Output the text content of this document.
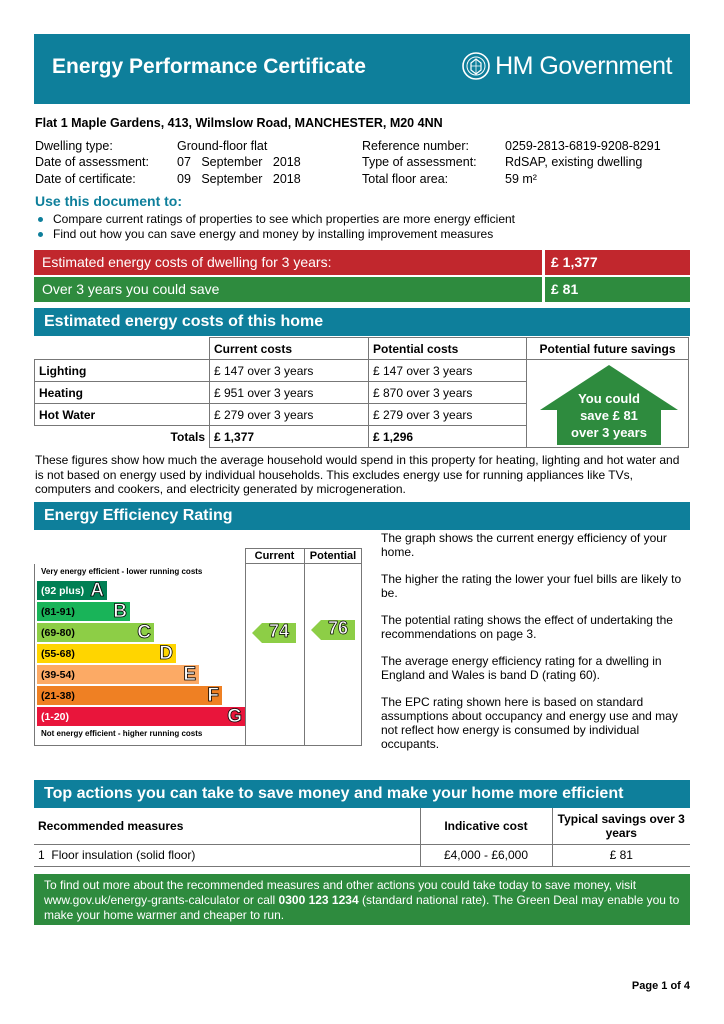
Energy Performance Certificate	HM Government
Flat 1 Maple Gardens, 413, Wilmslow Road, MANCHESTER, M20 4NN
Dwelling type:	Ground-floor flat
Date of assessment: 07   September   2018
Date of certificate:	09   September   2018
Reference number:	0259-2813-6819-9208-8291
Type of assessment: RdSAP, existing dwelling
Total floor area:	59 m²
Use this document to:
Compare current ratings of properties to see which properties are more energy efficient
Find out how you can save energy and money by installing improvement measures
Estimated energy costs of dwelling for 3 years:	£ 1,377
Over 3 years you could save	£ 81
Estimated energy costs of this home
	Current costs	Potential costs	Potential future savings
Lighting	£ 147 over 3 years	£ 147 over 3 years	
Heating	£ 951 over 3 years	£ 870 over 3 years	
Hot Water	£ 279 over 3 years	£ 279 over 3 years	
Totals	£ 1,377	£ 1,296	
You could
save £ 81
over 3 years
These figures show how much the average household would spend in this property for heating, lighting and hot water and is not based on energy used by individual households. This excludes energy use for running appliances like TVs, computers and cookers, and electricity generated by microgeneration.
Energy Efficiency Rating
Current	Potential
Very energy efficient - lower running costs
Not energy efficient - higher running costs
(92 plus) A
(81-91) B
(69-80)	C
(55-68)	D
(39-54)	E
(21-38)	F
(1-20)	G
74	76

The graph shows the current energy efficiency of your home.

The higher the rating the lower your fuel bills are likely to be.

The potential rating shows the effect of undertaking the recommendations on page 3.

The average energy efficiency rating for a dwelling in England and Wales is band D (rating 60).

The EPC rating shown here is based on standard assumptions about occupancy and energy use and may not reflect how energy is consumed by individual occupants.

Top actions you can take to save money and make your home more efficient
Recommended measures	Indicative cost	Typical savings over 3 years
1 Floor insulation (solid floor)	£4,000 - £6,000	£ 81
To find out more about the recommended measures and other actions you could take today to save money, visit www.gov.uk/energy-grants-calculator or call 0300 123 1234 (standard national rate). The Green Deal may enable you to make your home warmer and cheaper to run.
Page 1 of 4
